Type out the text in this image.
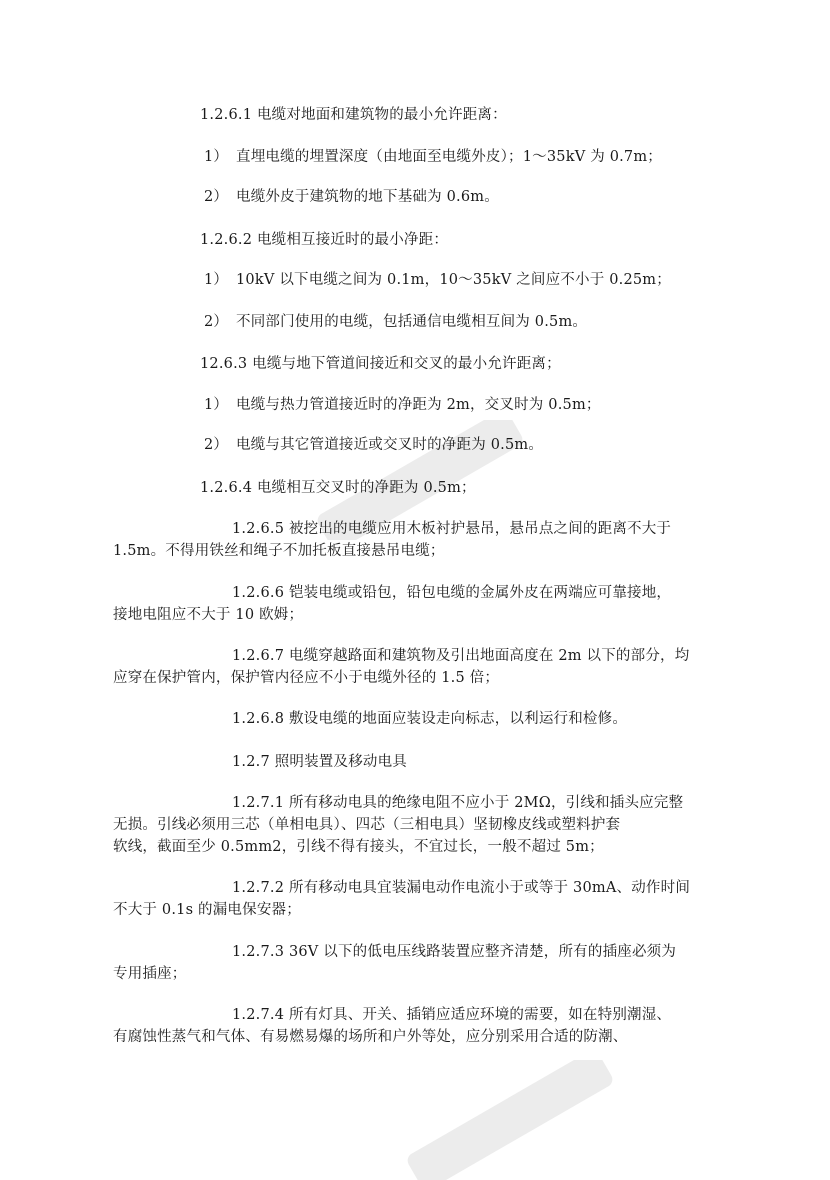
1.2.6.1 电缆对地面和建筑物的最小允许距离：
1） 直埋电缆的埋置深度（由地面至电缆外皮）；1～35kV 为 0.7m；
2） 电缆外皮于建筑物的地下基础为 0.6m。
1.2.6.2 电缆相互接近时的最小净距：
1） 10kV 以下电缆之间为 0.1m，10～35kV 之间应不小于 0.25m；
2） 不同部门使用的电缆，包括通信电缆相互间为 0.5m。
12.6.3 电缆与地下管道间接近和交叉的最小允许距离；
1） 电缆与热力管道接近时的净距为 2m，交叉时为 0.5m；
2） 电缆与其它管道接近或交叉时的净距为 0.5m。
1.2.6.4 电缆相互交叉时的净距为 0.5m；
1.2.6.5 被挖出的电缆应用木板衬护悬吊，悬吊点之间的距离不大于
1.5m。不得用铁丝和绳子不加托板直接悬吊电缆；
1.2.6.6 铠装电缆或铅包，铅包电缆的金属外皮在两端应可靠接地，
接地电阻应不大于 10 欧姆；
1.2.6.7 电缆穿越路面和建筑物及引出地面高度在 2m 以下的部分，均
应穿在保护管内，保护管内径应不小于电缆外径的 1.5 倍；
1.2.6.8 敷设电缆的地面应装设走向标志，以利运行和检修。
1.2.7 照明装置及移动电具
1.2.7.1 所有移动电具的绝缘电阻不应小于 2MΩ，引线和插头应完整
无损。引线必须用三芯（单相电具）、四芯（三相电具）坚韧橡皮线或塑料护套
软线，截面至少 0.5mm2，引线不得有接头，不宜过长，一般不超过 5m；
1.2.7.2 所有移动电具宜装漏电动作电流小于或等于 30mA、动作时间
不大于 0.1s 的漏电保安器；
1.2.7.3 36V 以下的低电压线路装置应整齐清楚，所有的插座必须为
专用插座；
1.2.7.4 所有灯具、开关、插销应适应环境的需要，如在特别潮湿、
有腐蚀性蒸气和气体、有易燃易爆的场所和户外等处，应分别采用合适的防潮、
